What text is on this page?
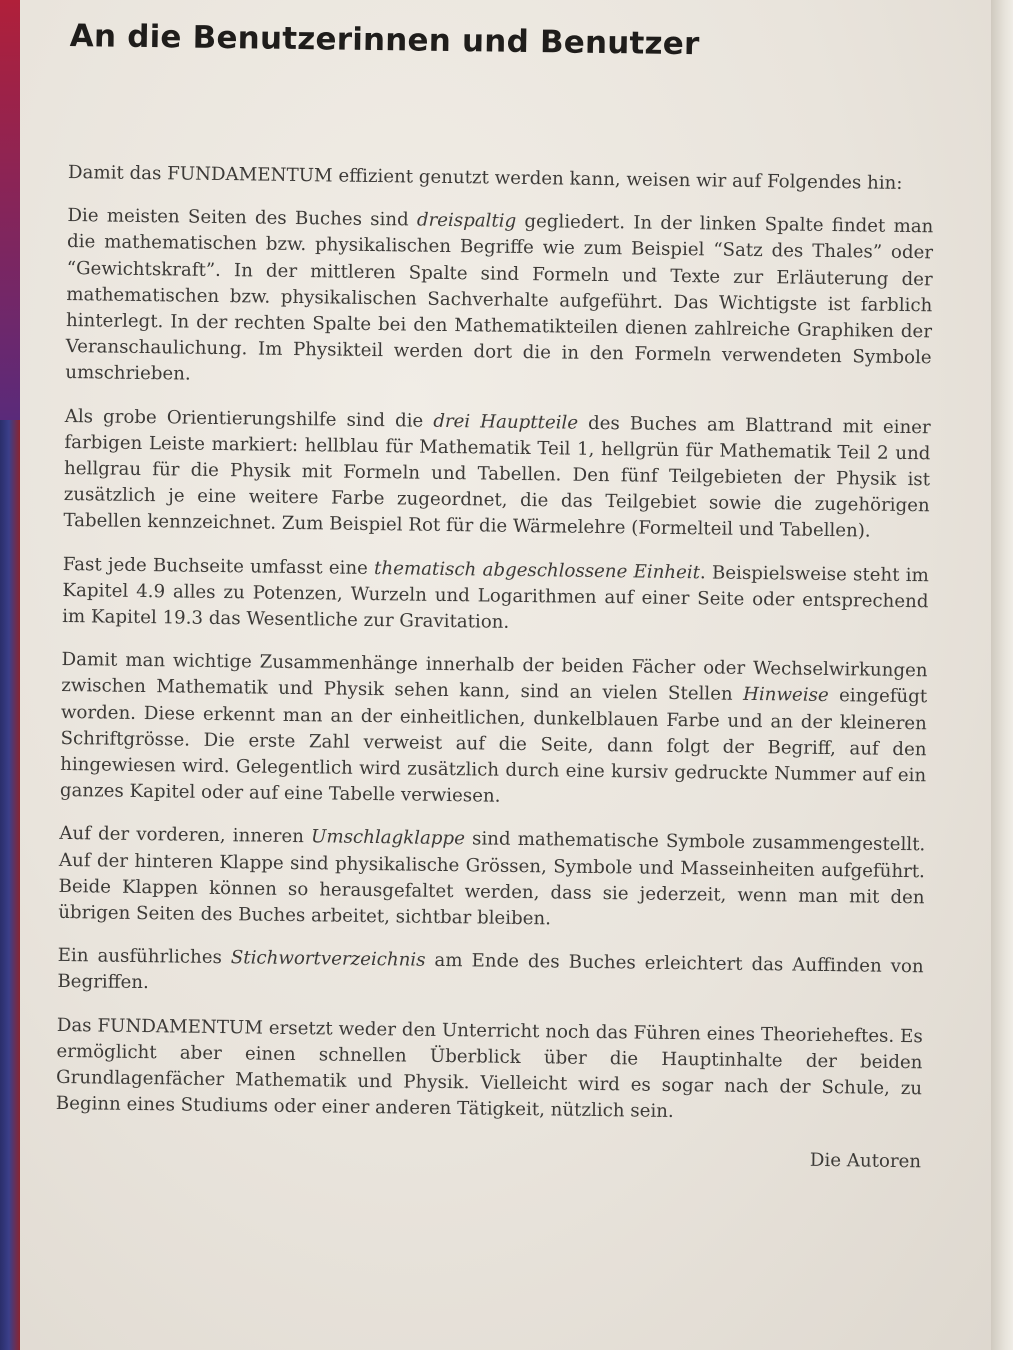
An die Benutzerinnen und Benutzer

Damit das FUNDAMENTUM effizient genutzt werden kann, weisen wir auf Folgendes hin:

Die meisten Seiten des Buches sind dreispaltig gegliedert. In der linken Spalte findet man die mathematischen bzw. physikalischen Begriffe wie zum Beispiel “Satz des Thales” oder “Gewichtskraft”. In der mittleren Spalte sind Formeln und Texte zur Erläuterung der mathematischen bzw. physikalischen Sachverhalte aufgeführt. Das Wichtigste ist farblich hinterlegt. In der rechten Spalte bei den Mathematikteilen dienen zahlreiche Graphiken der Veranschaulichung. Im Physikteil werden dort die in den Formeln verwendeten Symbole umschrieben.

Als grobe Orientierungshilfe sind die drei Hauptteile des Buches am Blattrand mit einer farbigen Leiste markiert: hellblau für Mathematik Teil 1, hellgrün für Mathematik Teil 2 und hellgrau für die Physik mit Formeln und Tabellen. Den fünf Teilgebieten der Physik ist zusätzlich je eine weitere Farbe zugeordnet, die das Teilgebiet sowie die zugehörigen Tabellen kennzeichnet. Zum Beispiel Rot für die Wärmelehre (Formelteil und Tabellen).

Fast jede Buchseite umfasst eine thematisch abgeschlossene Einheit. Beispielsweise steht im Kapitel 4.9 alles zu Potenzen, Wurzeln und Logarithmen auf einer Seite oder entsprechend im Kapitel 19.3 das Wesentliche zur Gravitation.

Damit man wichtige Zusammenhänge innerhalb der beiden Fächer oder Wechselwirkungen zwischen Mathematik und Physik sehen kann, sind an vielen Stellen Hinweise eingefügt worden. Diese erkennt man an der einheitlichen, dunkelblauen Farbe und an der kleineren Schriftgrösse. Die erste Zahl verweist auf die Seite, dann folgt der Begriff, auf den hingewiesen wird. Gelegentlich wird zusätzlich durch eine kursiv gedruckte Nummer auf ein ganzes Kapitel oder auf eine Tabelle verwiesen.

Auf der vorderen, inneren Umschlagklappe sind mathematische Symbole zusammengestellt. Auf der hinteren Klappe sind physikalische Grössen, Symbole und Masseinheiten aufgeführt. Beide Klappen können so herausgefaltet werden, dass sie jederzeit, wenn man mit den übrigen Seiten des Buches arbeitet, sichtbar bleiben.

Ein ausführliches Stichwortverzeichnis am Ende des Buches erleichtert das Auffinden von Begriffen.

Das FUNDAMENTUM ersetzt weder den Unterricht noch das Führen eines Theorieheftes. Es ermöglicht aber einen schnellen Überblick über die Hauptinhalte der beiden Grundlagenfächer Mathematik und Physik. Vielleicht wird es sogar nach der Schule, zu Beginn eines Studiums oder einer anderen Tätigkeit, nützlich sein.

Die Autoren
